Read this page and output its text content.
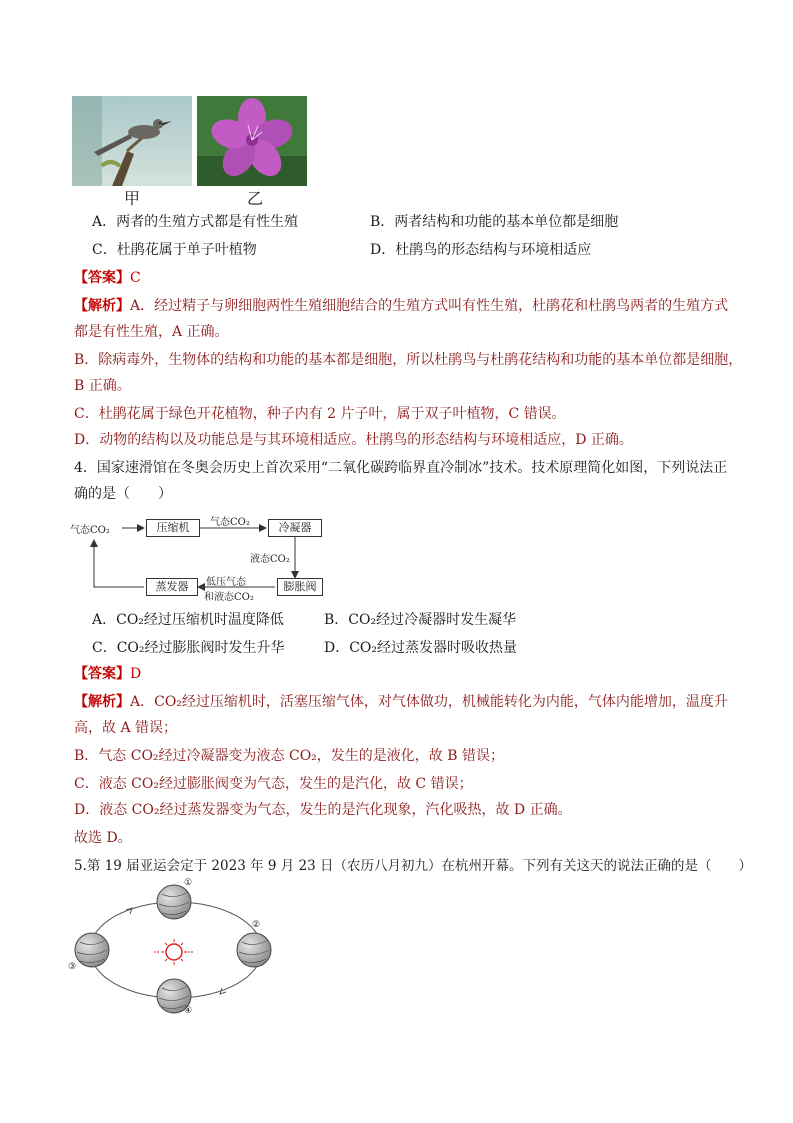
甲	乙
A．两者的生殖方式都是有性生殖	B．两者结构和功能的基本单位都是细胞
C．杜鹃花属于单子叶植物	D．杜鹃鸟的形态结构与环境相适应
【答案】C
【解析】A．经过精子与卵细胞两性生殖细胞结合的生殖方式叫有性生殖，杜鹃花和杜鹃鸟两者的生殖方式
都是有性生殖，A 正确。
B．除病毒外，生物体的结构和功能的基本都是细胞，所以杜鹃鸟与杜鹃花结构和功能的基本单位都是细胞，
B 正确。
C．杜鹃花属于绿色开花植物，种子内有 2 片子叶，属于双子叶植物，C 错误。
D．动物的结构以及功能总是与其环境相适应。杜鹃鸟的形态结构与环境相适应，D 正确。
4．国家速滑馆在冬奥会历史上首次采用“二氧化碳跨临界直冷制冰”技术。技术原理简化如图，下列说法正
确的是（　　）
气态CO₂	压缩机	冷凝器
膨胀阀
蒸发器
气态CO₂
液态CO₂
低压气态
和液态CO₂
A．CO₂经过压缩机时温度降低	B．CO₂经过冷凝器时发生凝华
C．CO₂经过膨胀阀时发生升华	D．CO₂经过蒸发器时吸收热量
【答案】D
【解析】A．CO₂经过压缩机时，活塞压缩气体，对气体做功，机械能转化为内能，气体内能增加，温度升
高，故 A 错误；
B．气态 CO₂经过冷凝器变为液态 CO₂，发生的是液化，故 B 错误；
C．液态 CO₂经过膨胀阀变为气态，发生的是汽化，故 C 错误；
D．液态 CO₂经过蒸发器变为气态，发生的是汽化现象，汽化吸热，故 D 正确。
故选 D。
5.第 19 届亚运会定于 2023 年 9 月 23 日（农历八月初九）在杭州开幕。下列有关这天的说法正确的是（　　）
①
②
③
④
